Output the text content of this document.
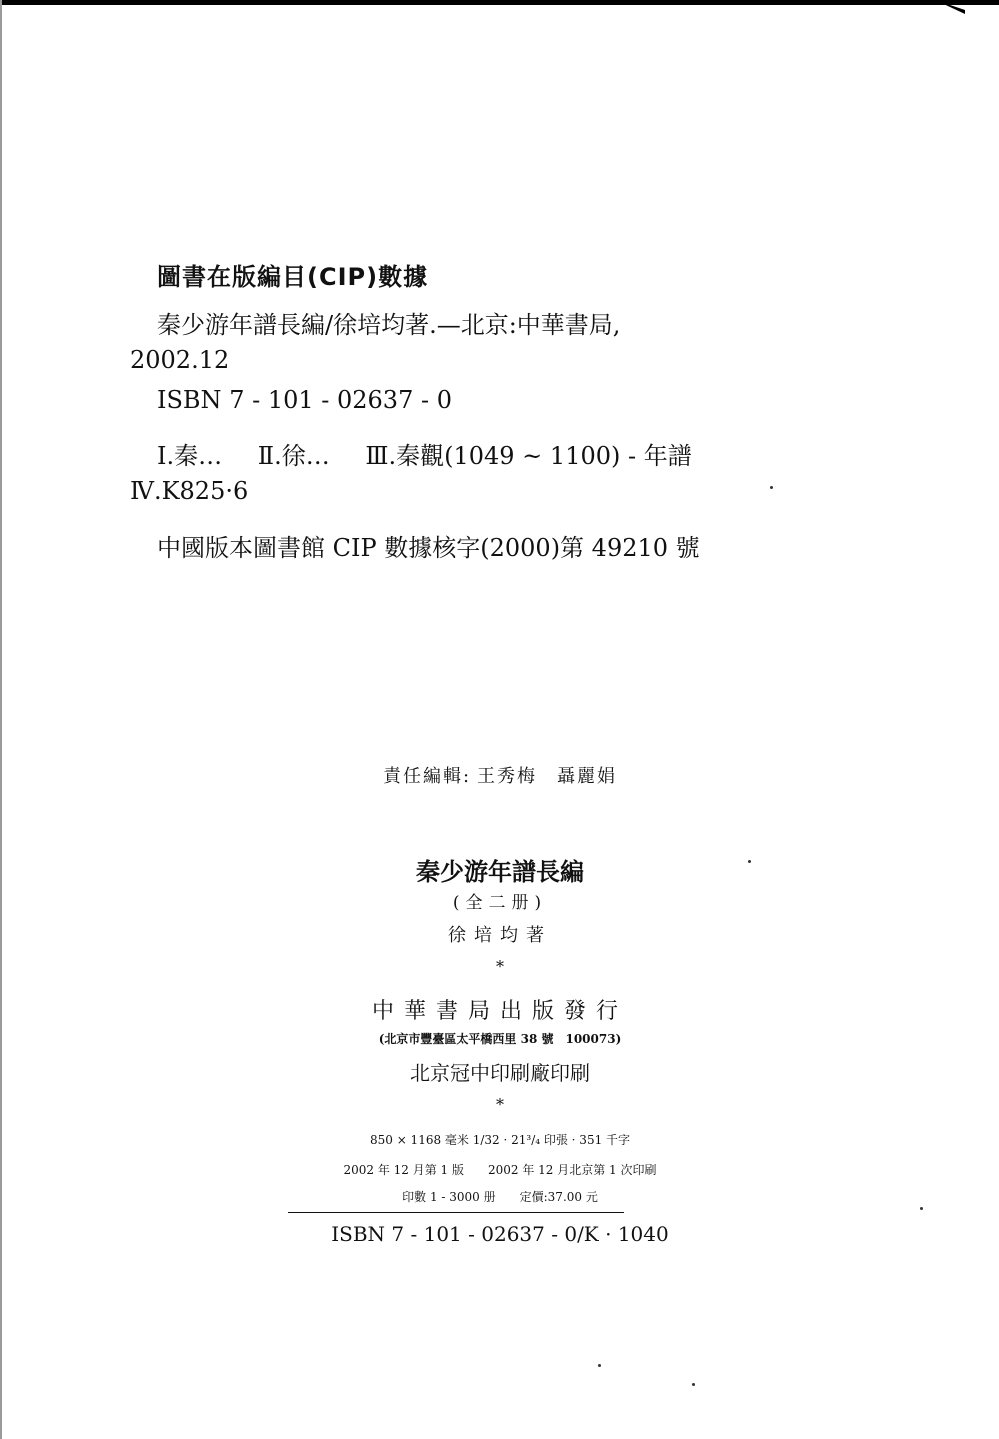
圖書在版編目(CIP)數據
秦少游年譜長編/徐培均著.—北京:中華書局,
2002.12
ISBN 7 - 101 - 02637 - 0
Ⅰ.秦… Ⅱ.徐… Ⅲ.秦觀(1049 ~ 1100) - 年譜
Ⅳ.K825·6
中國版本圖書館 CIP 數據核字(2000)第 49210 號
責任編輯: 王秀梅　聶麗娟
秦少游年譜長編
(全二册)
徐培均著
*
中華書局出版發行
(北京市豐臺區太平橋西里 38 號　100073)
北京冠中印刷廠印刷
*
850 × 1168 毫米 1/32 · 21³/₄ 印張 · 351 千字
2002 年 12 月第 1 版　　2002 年 12 月北京第 1 次印刷
印數 1 - 3000 册　　定價:37.00 元
ISBN 7 - 101 - 02637 - 0/K · 1040
